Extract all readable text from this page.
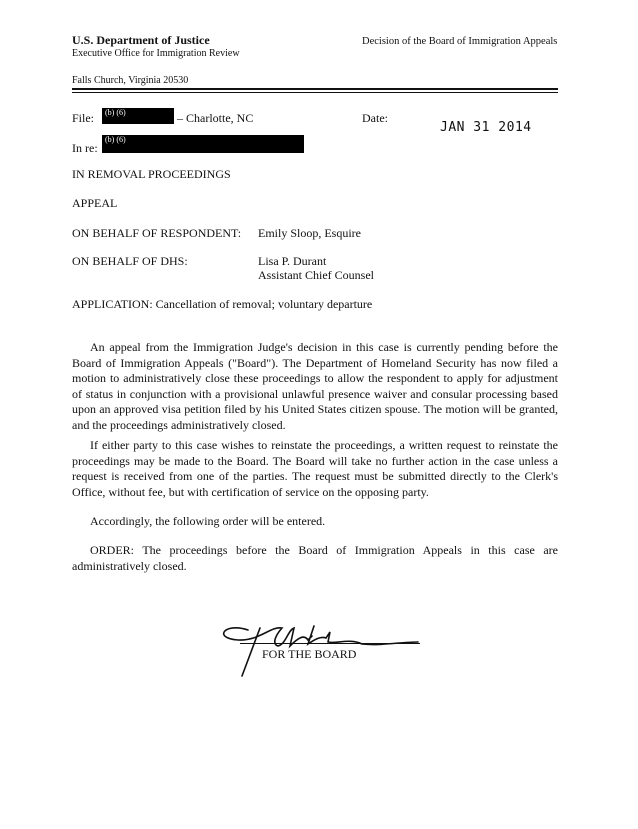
U.S. Department of Justice
Executive Office for Immigration Review
Decision of the Board of Immigration Appeals
Falls Church, Virginia 20530
File:	(b) (6)	– Charlotte, NC	Date:
JAN 31 2014
In re:
(b) (6)
IN REMOVAL PROCEEDINGS
APPEAL
ON BEHALF OF RESPONDENT: Emily Sloop, Esquire
ON BEHALF OF DHS:	Lisa P. Durant
Assistant Chief Counsel
APPLICATION: Cancellation of removal; voluntary departure

An appeal from the Immigration Judge's decision in this case is currently pending before the Board of Immigration Appeals ("Board"). The Department of Homeland Security has now filed a motion to administratively close these proceedings to allow the respondent to apply for adjustment of status in conjunction with a provisional unlawful presence waiver and consular processing based upon an approved visa petition filed by his United States citizen spouse. The motion will be granted, and the proceedings administratively closed.

If either party to this case wishes to reinstate the proceedings, a written request to reinstate the proceedings may be made to the Board. The Board will take no further action in the case unless a request is received from one of the parties. The request must be submitted directly to the Clerk's Office, without fee, but with certification of service on the opposing party.

Accordingly, the following order will be entered.

ORDER: The proceedings before the Board of Immigration Appeals in this case are administratively closed.

FOR THE BOARD
